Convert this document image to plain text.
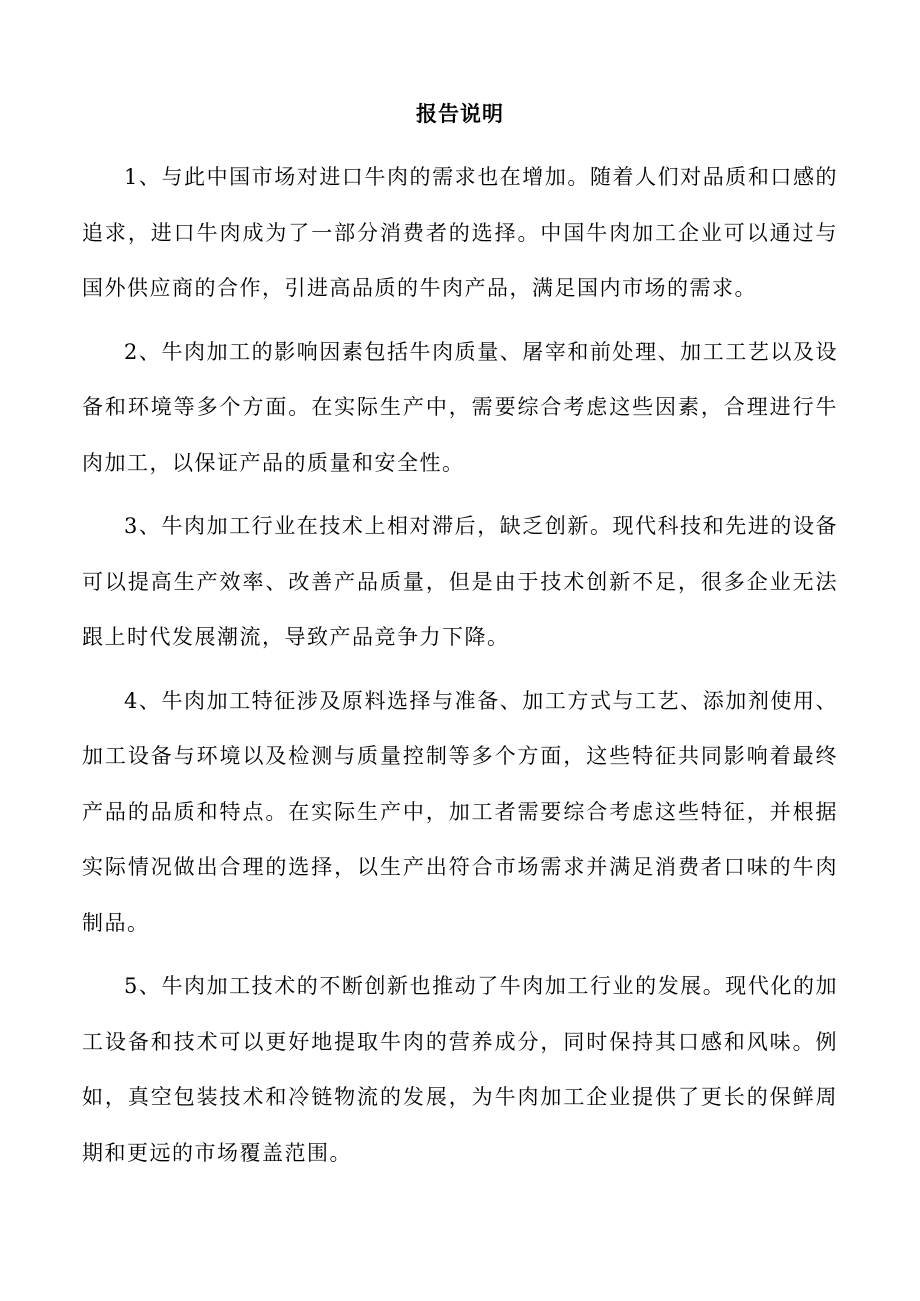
报告说明

1、与此中国市场对进口牛肉的需求也在增加。随着人们对品质和口感的追求，进口牛肉成为了一部分消费者的选择。中国牛肉加工企业可以通过与国外供应商的合作，引进高品质的牛肉产品，满足国内市场的需求。

2、牛肉加工的影响因素包括牛肉质量、屠宰和前处理、加工工艺以及设备和环境等多个方面。在实际生产中，需要综合考虑这些因素，合理进行牛肉加工，以保证产品的质量和安全性。

3、牛肉加工行业在技术上相对滞后，缺乏创新。现代科技和先进的设备可以提高生产效率、改善产品质量，但是由于技术创新不足，很多企业无法跟上时代发展潮流，导致产品竞争力下降。

4、牛肉加工特征涉及原料选择与准备、加工方式与工艺、添加剂使用、加工设备与环境以及检测与质量控制等多个方面，这些特征共同影响着最终产品的品质和特点。在实际生产中，加工者需要综合考虑这些特征，并根据实际情况做出合理的选择，以生产出符合市场需求并满足消费者口味的牛肉制品。

5、牛肉加工技术的不断创新也推动了牛肉加工行业的发展。现代化的加工设备和技术可以更好地提取牛肉的营养成分，同时保持其口感和风味。例如，真空包装技术和冷链物流的发展，为牛肉加工企业提供了更长的保鲜周期和更远的市场覆盖范围。
